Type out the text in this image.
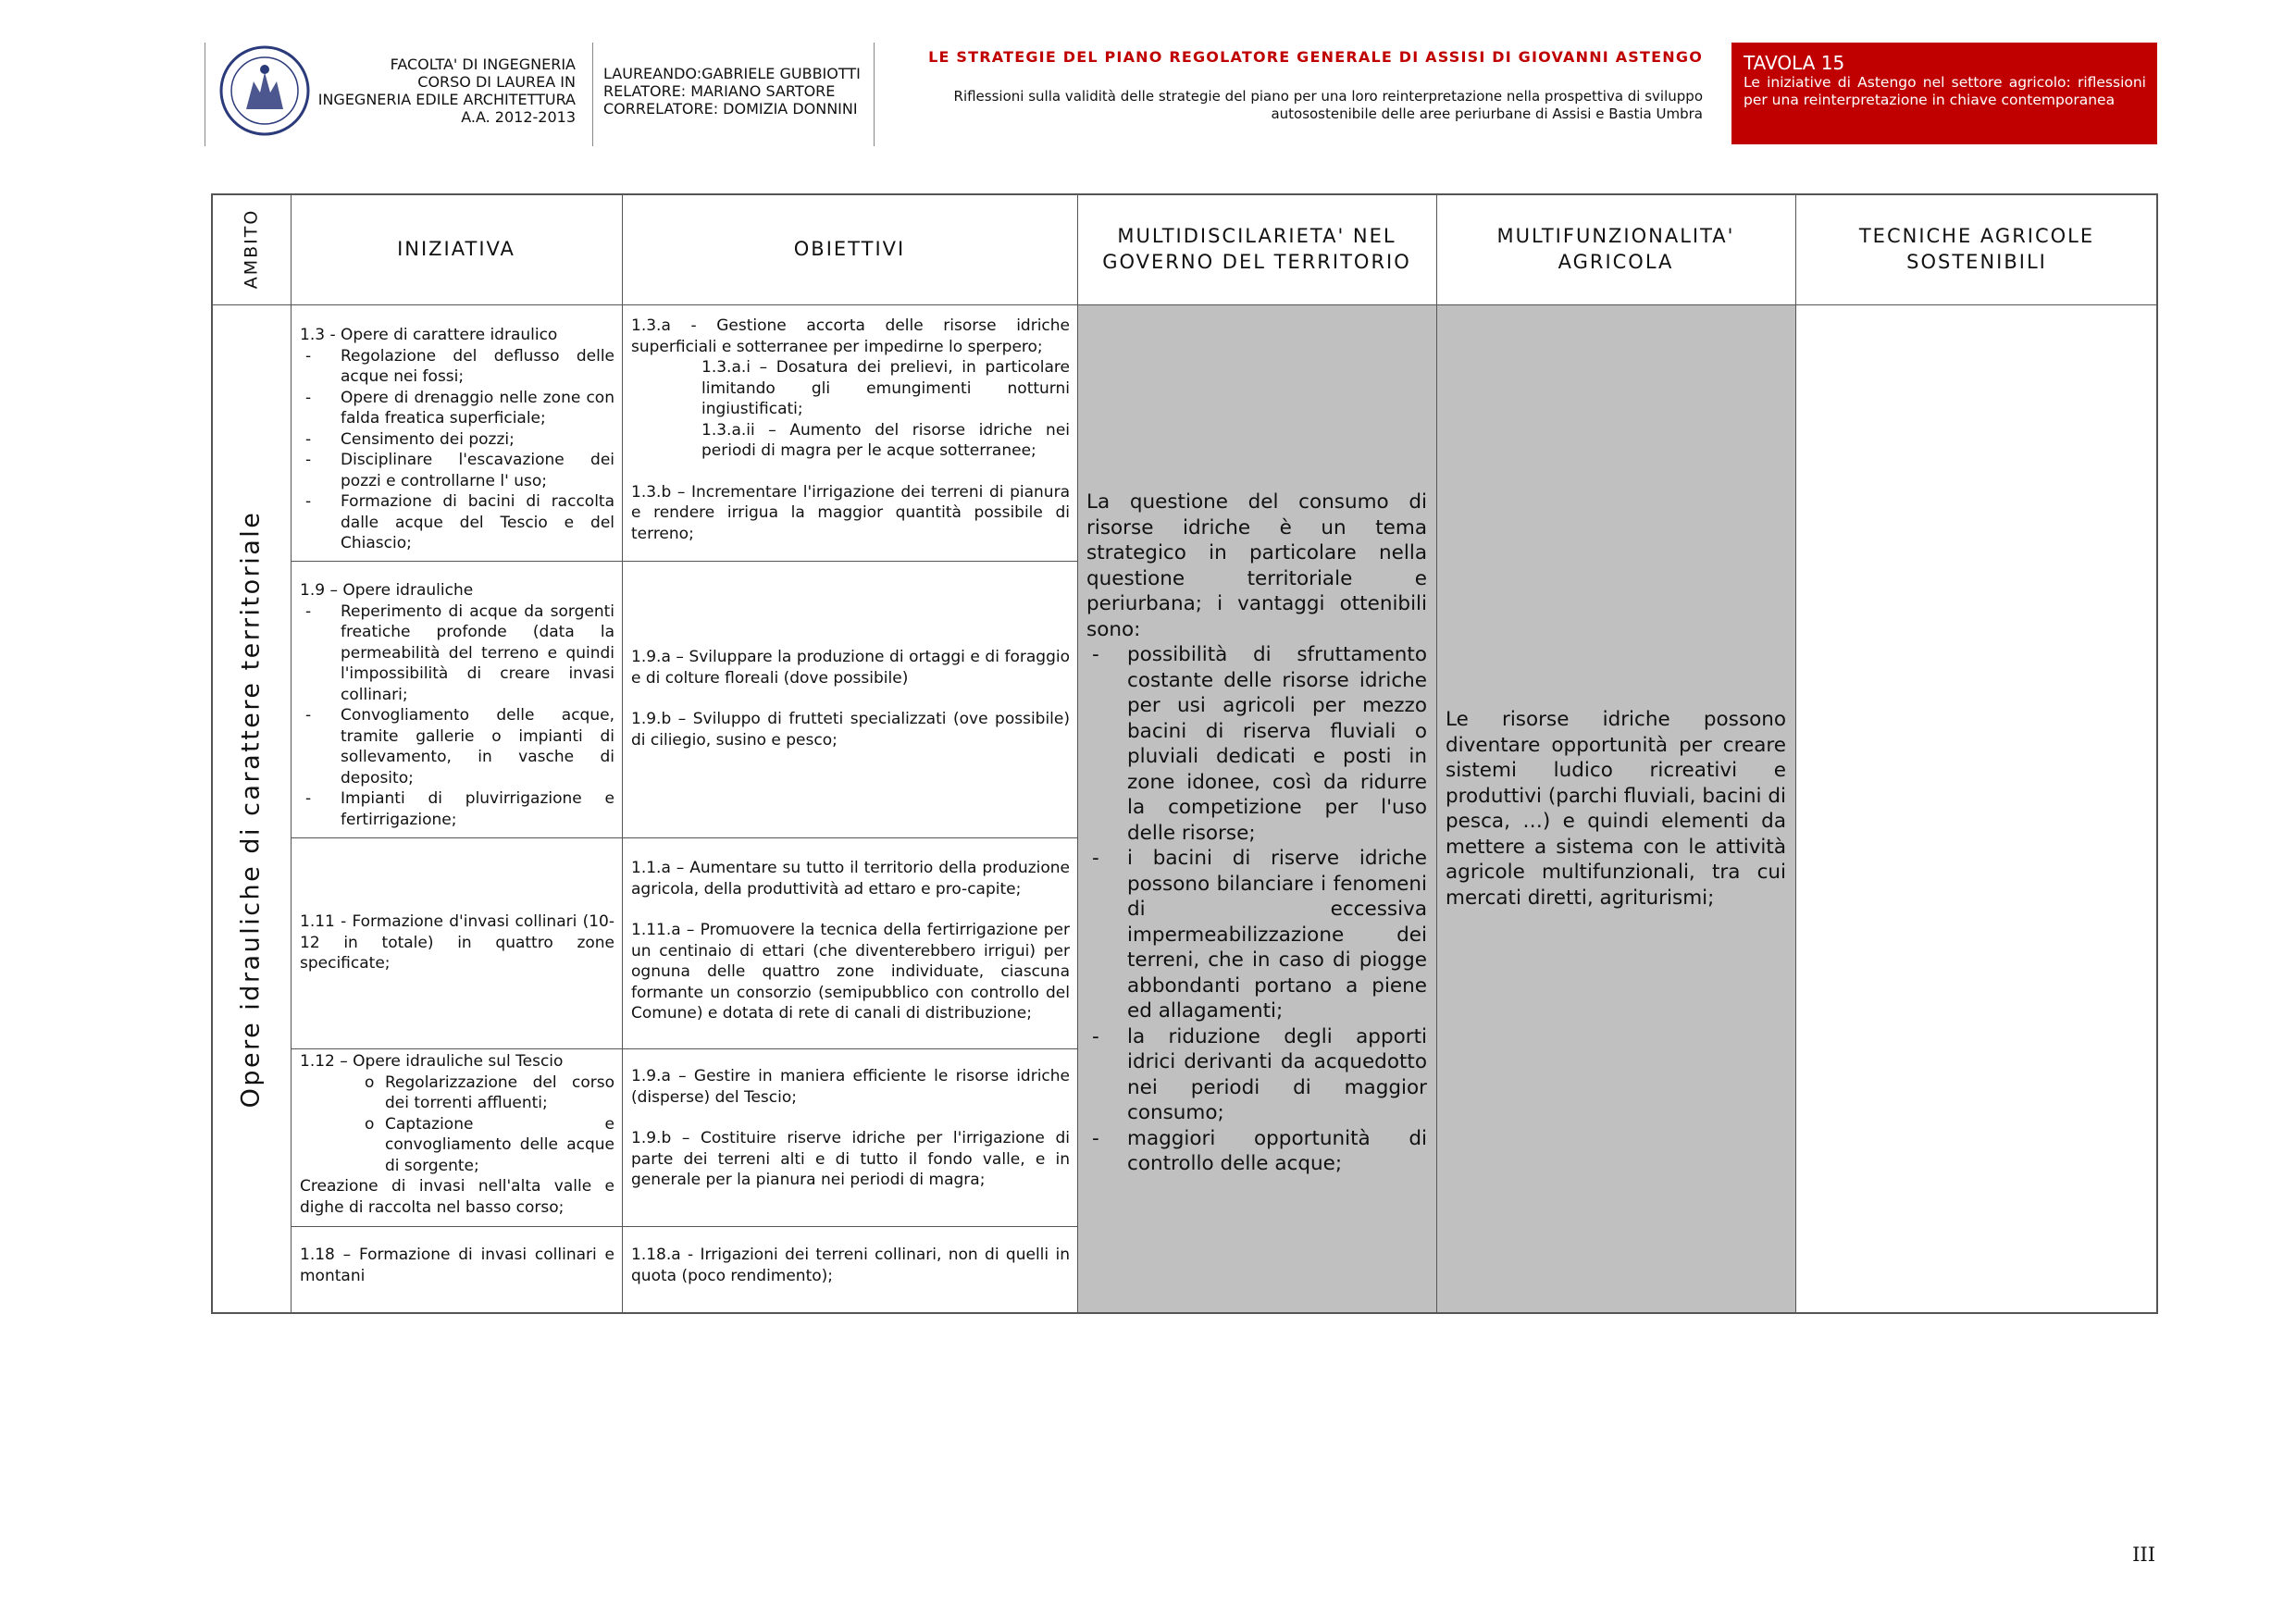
FACOLTA' DI INGEGNERIA
CORSO DI LAUREA IN
INGEGNERIA EDILE ARCHITETTURA
A.A. 2012-2013
LAUREANDO:GABRIELE GUBBIOTTI
RELATORE: MARIANO SARTORE
CORRELATORE: DOMIZIA DONNINI
LE STRATEGIE DEL PIANO REGOLATORE GENERALE DI ASSISI DI GIOVANNI ASTENGO
Riflessioni sulla validità delle strategie del piano per una loro reinterpretazione nella prospettiva di sviluppo
autosostenibile delle aree periurbane di Assisi e Bastia Umbra
TAVOLA 15
Le iniziative di Astengo nel settore agricolo: riflessioni per una reinterpretazione in chiave contemporanea
AMBITO	INIZIATIVA	OBIETTIVI
MULTIDISCILARIETA' NEL
GOVERNO DEL TERRITORIO
MULTIFUNZIONALITA'
AGRICOLA
TECNICHE AGRICOLE
SOSTENIBILI
Opere idrauliche di carattere territoriale
1.3 - Opere di carattere idraulico
- Regolazione del deflusso delle acque nei fossi;
- Opere di drenaggio nelle zone con falda freatica superficiale;
- Censimento dei pozzi;
- Disciplinare l'escavazione dei pozzi e controllarne l' uso;
- Formazione di bacini di raccolta dalle acque del Tescio e del Chiascio;
1.3.a - Gestione accorta delle risorse idriche superficiali e sotterranee per impedirne lo sperpero;
1.3.a.i – Dosatura dei prelievi, in particolare limitando gli emungimenti notturni ingiustificati;
1.3.a.ii – Aumento del risorse idriche nei periodi di magra per le acque sotterranee;
1.3.b – Incrementare l'irrigazione dei terreni di pianura e rendere irrigua la maggior quantità possibile di terreno;
1.9 – Opere idrauliche
- Reperimento di acque da sorgenti freatiche profonde (data la permeabilità del terreno e quindi l'impossibilità di creare invasi collinari;
- Convogliamento delle acque, tramite gallerie o impianti di sollevamento, in vasche di deposito;
- Impianti di pluvirrigazione e fertirrigazione;
1.9.a – Sviluppare la produzione di ortaggi e di foraggio e di colture floreali (dove possibile)
1.9.b – Sviluppo di frutteti specializzati (ove possibile) di ciliegio, susino e pesco;
1.11 - Formazione d'invasi collinari (10-12 in totale) in quattro zone specificate;
1.1.a – Aumentare su tutto il territorio della produzione agricola, della produttività ad ettaro e pro-capite;
1.11.a – Promuovere la tecnica della fertirrigazione per un centinaio di ettari (che diventerebbero irrigui) per ognuna delle quattro zone individuate, ciascuna formante un consorzio (semipubblico con controllo del Comune) e dotata di rete di canali di distribuzione;
1.12 – Opere idrauliche sul Tescio
o Regolarizzazione del corso dei torrenti affluenti;
o Captazione e convogliamento delle acque di sorgente;
Creazione di invasi nell'alta valle e dighe di raccolta nel basso corso;
1.9.a – Gestire in maniera efficiente le risorse idriche (disperse) del Tescio;
1.9.b – Costituire riserve idriche per l'irrigazione di parte dei terreni alti e di tutto il fondo valle, e in generale per la pianura nei periodi di magra;
1.18 – Formazione di invasi collinari e montani
1.18.a - Irrigazioni dei terreni collinari, non di quelli in quota (poco rendimento);
La questione del consumo di risorse idriche è un tema strategico in particolare nella questione territoriale e periurbana; i vantaggi ottenibili sono:
- possibilità di sfruttamento costante delle risorse idriche per usi agricoli per mezzo bacini di riserva fluviali o pluviali dedicati e posti in zone idonee, così da ridurre la competizione per l'uso delle risorse;
- i bacini di riserve idriche possono bilanciare i fenomeni di eccessiva impermeabilizzazione dei terreni, che in caso di piogge abbondanti portano a piene ed allagamenti;
- la riduzione degli apporti idrici derivanti da acquedotto nei periodi di maggior consumo;
- maggiori opportunità di controllo delle acque;
Le risorse idriche possono diventare opportunità per creare sistemi ludico ricreativi e produttivi (parchi fluviali, bacini di pesca, …) e quindi elementi da mettere a sistema con le attività agricole multifunzionali, tra cui mercati diretti, agriturismi;
III
